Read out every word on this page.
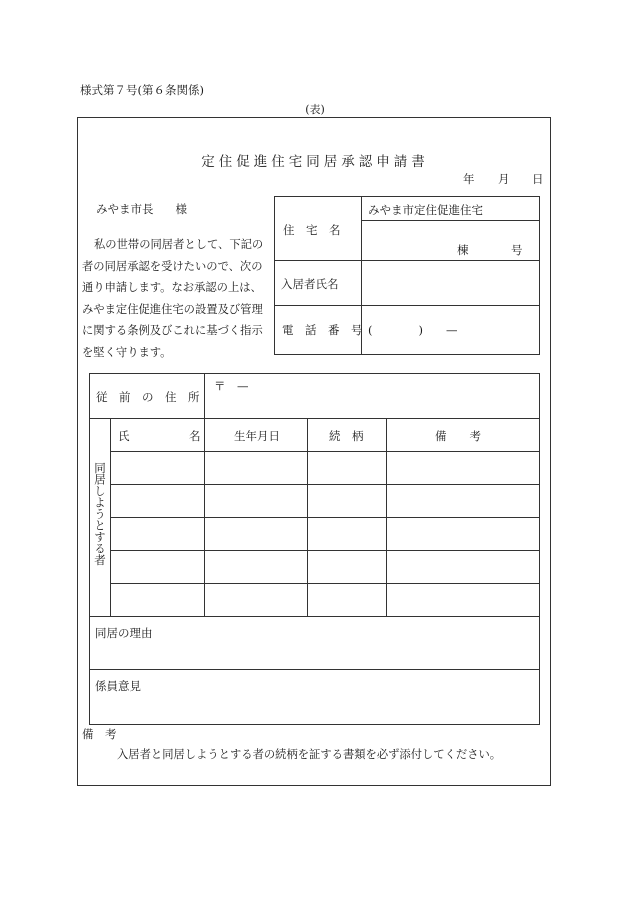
様式第７号(第６条関係)
(表)
定住促進住宅同居承認申請書
年 月 日
みやま市長 様

私の世帯の同居者として、下記の

者の同居承認を受けたいので、次の

通り申請します。なお承認の上は、

みやま定住促進住宅の設置及び管理

に関する条例及びこれに基づく指示

を堅く守ります。

住　宅　名
みやま市定住促進住宅
棟	号
入居者氏名
電　話　番　号 (　　　　)　　—
従　前　の　住　所
〒　—
同居しようとする者
氏	名	生年月日	続　柄	備　　考
同居の理由
係員意見
備　考
入居者と同居しようとする者の続柄を証する書類を必ず添付してください。
